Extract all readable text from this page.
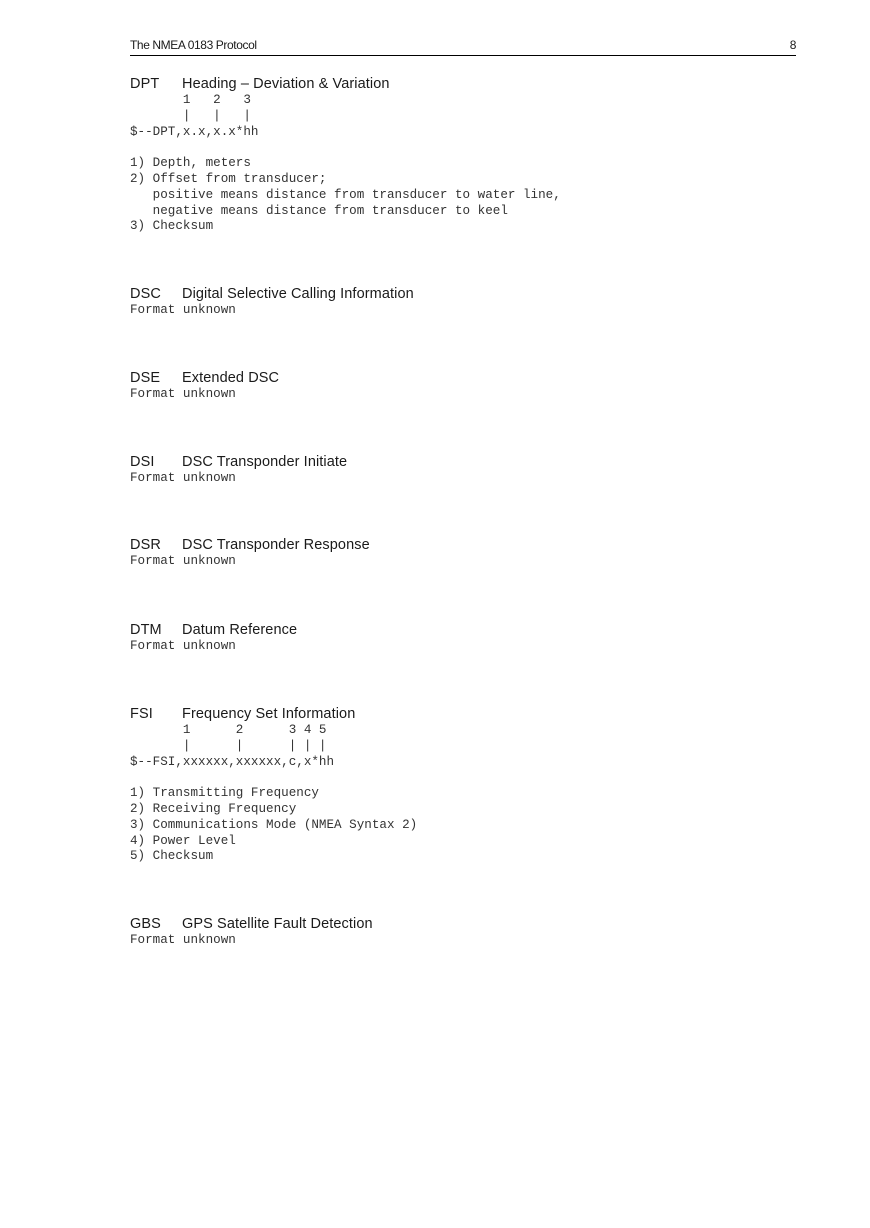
The NMEA 0183 Protocol	8
DPT Heading – Deviation & Variation
1   2   3
|   |   |
$--DPT,x.x,x.x*hh

1) Depth, meters
2) Offset from transducer;
positive means distance from transducer to water line,
negative means distance from transducer to keel
3) Checksum
DSC Digital Selective Calling Information
Format unknown
DSE Extended DSC
Format unknown
DSI DSC Transponder Initiate
Format unknown
DSR DSC Transponder Response
Format unknown
DTM Datum Reference
Format unknown
FSI Frequency Set Information
1      2      3 4 5
|      |      | | |
$--FSI,xxxxxx,xxxxxx,c,x*hh

1) Transmitting Frequency
2) Receiving Frequency
3) Communications Mode (NMEA Syntax 2)
4) Power Level
5) Checksum
GBS GPS Satellite Fault Detection
Format unknown
